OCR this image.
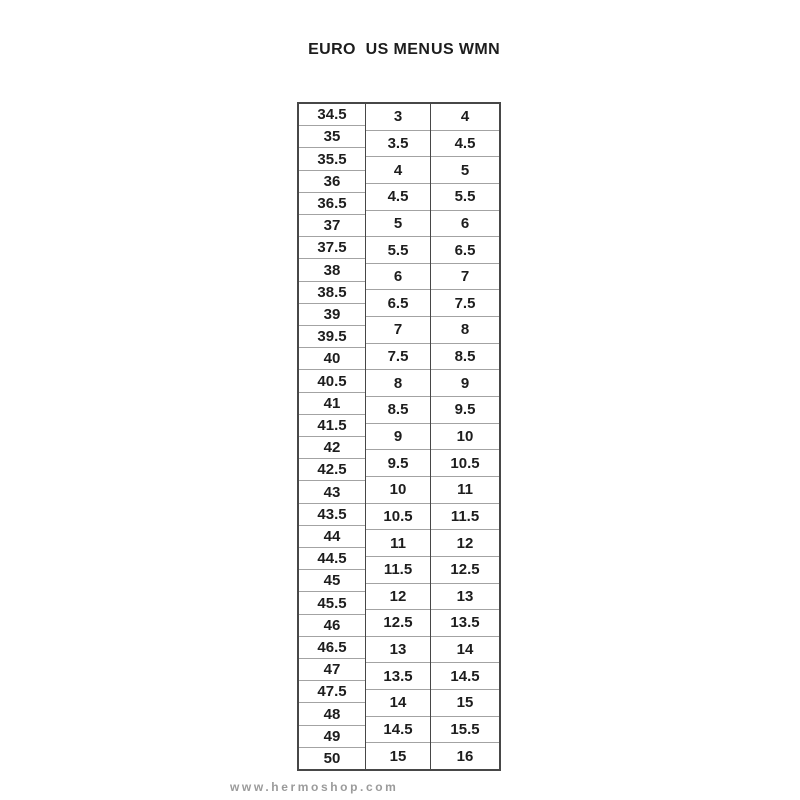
EURO US MEN US WMN
34.5
35
35.5
36
36.5
37
37.5
38
38.5
39
39.5
40
40.5
41
41.5
42
42.5
43
43.5
44
44.5
45
45.5
46
46.5
47
47.5
48
49
50
3
3.5
4
4.5
5
5.5
6
6.5
7
7.5
8
8.5
9
9.5
10
10.5
11
11.5
12
12.5
13
13.5
14
14.5
15
4
4.5
5
5.5
6
6.5
7
7.5
8
8.5
9
9.5
10
10.5
11
11.5
12
12.5
13
13.5
14
14.5
15
15.5
16
www.hermoshop.com
